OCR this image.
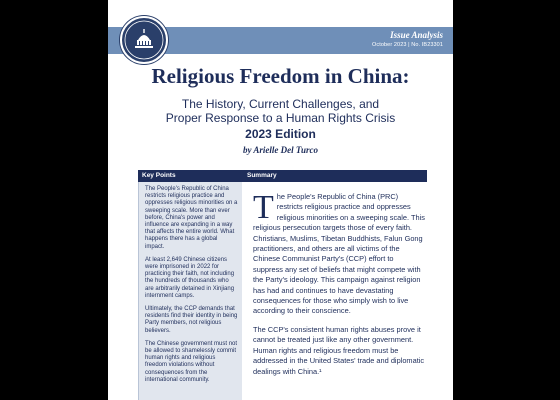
Issue Analysis
October 2023 | No. IB23301
Religious Freedom in China:
The History, Current Challenges, and
Proper Response to a Human Rights Crisis
2023 Edition
by Arielle Del Turco
Key Points

The People's Republic of China restricts religious practice and oppresses religious minorities on a sweeping scale. More than ever before, China's power and influence are expanding in a way that affects the entire world. What happens there has a global impact.

At least 2,649 Chinese citizens were imprisoned in 2022 for practicing their faith, not including the hundreds of thousands who are arbitrarily detained in Xinjiang internment camps.

Ultimately, the CCP demands that residents find their identity in being Party members, not religious believers.

The Chinese government must not be allowed to shamelessly commit human rights and religious freedom violations without consequences from the international community.

Summary

The People's Republic of China (PRC) restricts religious practice and oppresses religious minorities on a sweeping scale. This religious persecution targets those of every faith. Christians, Muslims, Tibetan Buddhists, Falun Gong practitioners, and others are all victims of the Chinese Communist Party's (CCP) effort to suppress any set of beliefs that might compete with the Party's ideology. This campaign against religion has had and continues to have devastating consequences for those who simply wish to live according to their conscience.

The CCP's consistent human rights abuses prove it cannot be treated just like any other government. Human rights and religious freedom must be addressed in the United States' trade and diplomatic dealings with China.¹
